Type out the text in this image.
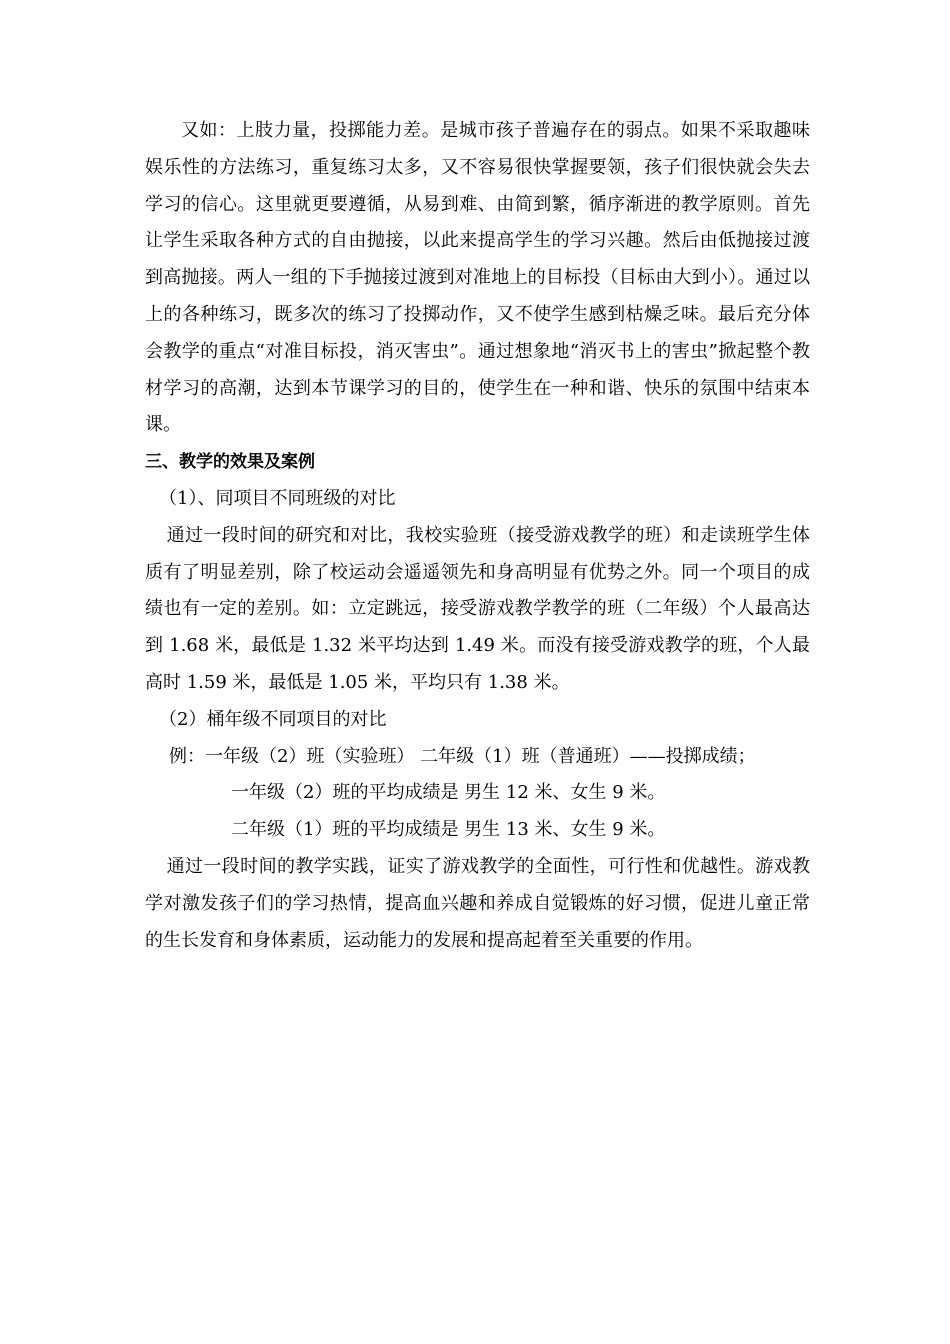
又如：上肢力量，投掷能力差。是城市孩子普遍存在的弱点。如果不采取趣味娱乐性的方法练习，重复练习太多，又不容易很快掌握要领，孩子们很快就会失去学习的信心。这里就更要遵循，从易到难、由简到繁，循序渐进的教学原则。首先让学生采取各种方式的自由抛接，以此来提高学生的学习兴趣。然后由低抛接过渡到高抛接。两人一组的下手抛接过渡到对准地上的目标投（目标由大到小）。通过以上的各种练习，既多次的练习了投掷动作，又不使学生感到枯燥乏味。最后充分体会教学的重点“对准目标投，消灭害虫”。通过想象地“消灭书上的害虫”掀起整个教材学习的高潮，达到本节课学习的目的，使学生在一种和谐、快乐的氛围中结束本课。

三、教学的效果及案例

（1）、同项目不同班级的对比

通过一段时间的研究和对比，我校实验班（接受游戏教学的班）和走读班学生体质有了明显差别，除了校运动会遥遥领先和身高明显有优势之外。同一个项目的成绩也有一定的差别。如：立定跳远，接受游戏教学教学的班（二年级）个人最高达到 1.68 米，最低是 1.32 米平均达到 1.49 米。而没有接受游戏教学的班，个人最高时 1.59 米，最低是 1.05 米，平均只有 1.38 米。

（2）桶年级不同项目的对比

例：一年级（2）班（实验班） 二年级（1）班（普通班）——投掷成绩；

一年级（2）班的平均成绩是 男生 12 米、女生 9 米。

二年级（1）班的平均成绩是 男生 13 米、女生 9 米。

通过一段时间的教学实践，证实了游戏教学的全面性，可行性和优越性。游戏教学对激发孩子们的学习热情，提高血兴趣和养成自觉锻炼的好习惯，促进儿童正常的生长发育和身体素质，运动能力的发展和提高起着至关重要的作用。
